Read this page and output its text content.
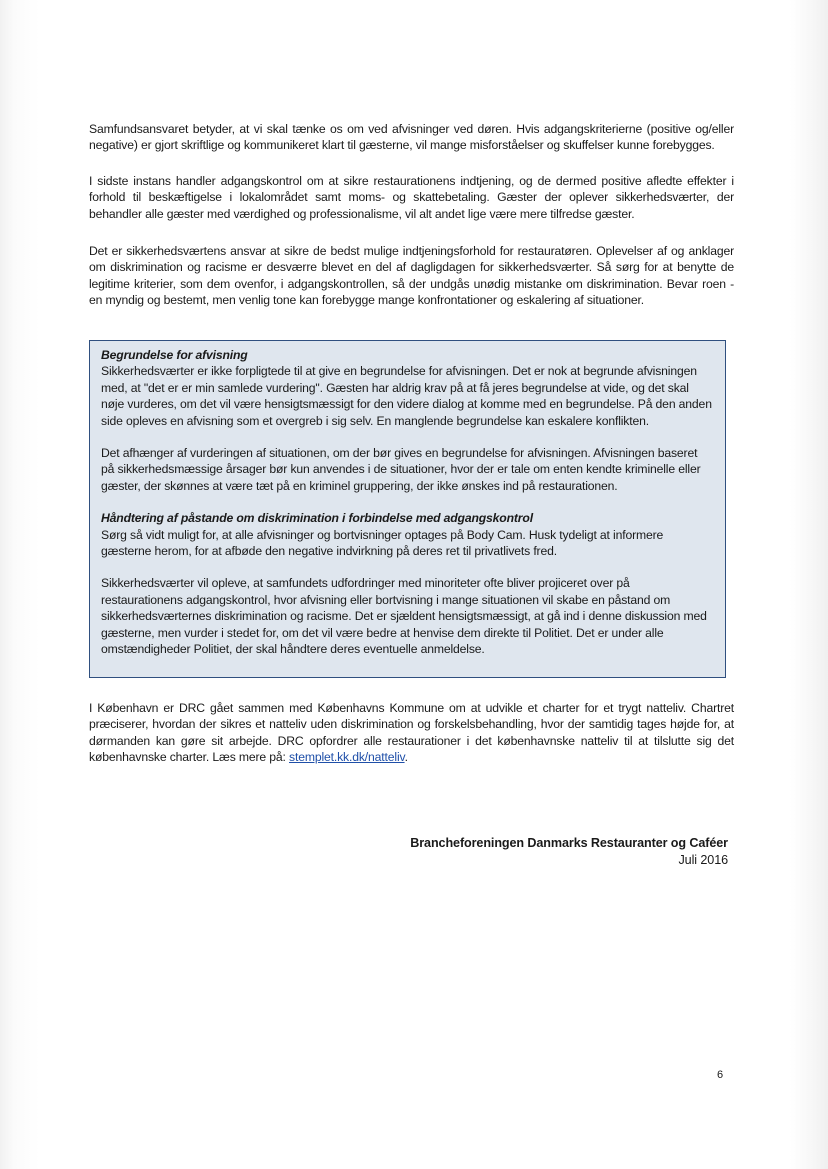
Samfundsansvaret betyder, at vi skal tænke os om ved afvisninger ved døren. Hvis adgangskriterierne (positive og/eller negative) er gjort skriftlige og kommunikeret klart til gæsterne, vil mange misforståelser og skuffelser kunne forebygges.

I sidste instans handler adgangskontrol om at sikre restaurationens indtjening, og de dermed positive afledte effekter i forhold til beskæftigelse i lokalområdet samt moms- og skattebetaling. Gæster der oplever sikkerhedsværter, der behandler alle gæster med værdighed og professionalisme, vil alt andet lige være mere tilfredse gæster.

Det er sikkerhedsværtens ansvar at sikre de bedst mulige indtjeningsforhold for restauratøren. Oplevelser af og anklager om diskrimination og racisme er desværre blevet en del af dagligdagen for sikkerhedsværter. Så sørg for at benytte de legitime kriterier, som dem ovenfor, i adgangskontrollen, så der undgås unødig mistanke om diskrimination. Bevar roen - en myndig og bestemt, men venlig tone kan forebygge mange konfrontationer og eskalering af situationer.

Begrundelse for afvisning

Sikkerhedsværter er ikke forpligtede til at give en begrundelse for afvisningen. Det er nok at begrunde afvisningen med, at "det er er min samlede vurdering". Gæsten har aldrig krav på at få jeres begrundelse at vide, og det skal nøje vurderes, om det vil være hensigtsmæssigt for den videre dialog at komme med en begrundelse. På den anden side opleves en afvisning som et overgreb i sig selv. En manglende begrundelse kan eskalere konflikten.

Det afhænger af vurderingen af situationen, om der bør gives en begrundelse for afvisningen. Afvisningen baseret på sikkerhedsmæssige årsager bør kun anvendes i de situationer, hvor der er tale om enten kendte kriminelle eller gæster, der skønnes at være tæt på en kriminel gruppering, der ikke ønskes ind på restaurationen.

Håndtering af påstande om diskrimination i forbindelse med adgangskontrol

Sørg så vidt muligt for, at alle afvisninger og bortvisninger optages på Body Cam. Husk tydeligt at informere gæsterne herom, for at afbøde den negative indvirkning på deres ret til privatlivets fred.

Sikkerhedsværter vil opleve, at samfundets udfordringer med minoriteter ofte bliver projiceret over på restaurationens adgangskontrol, hvor afvisning eller bortvisning i mange situationen vil skabe en påstand om sikkerhedsværternes diskrimination og racisme. Det er sjældent hensigtsmæssigt, at gå ind i denne diskussion med gæsterne, men vurder i stedet for, om det vil være bedre at henvise dem direkte til Politiet. Det er under alle omstændigheder Politiet, der skal håndtere deres eventuelle anmeldelse.

I København er DRC gået sammen med Københavns Kommune om at udvikle et charter for et trygt natteliv. Chartret præciserer, hvordan der sikres et natteliv uden diskrimination og forskelsbehandling, hvor der samtidig tages højde for, at dørmanden kan gøre sit arbejde. DRC opfordrer alle restaurationer i det københavnske natteliv til at tilslutte sig det københavnske charter. Læs mere på: stemplet.kk.dk/natteliv.

Brancheforeningen Danmarks Restauranter og Caféer
Juli 2016
6
